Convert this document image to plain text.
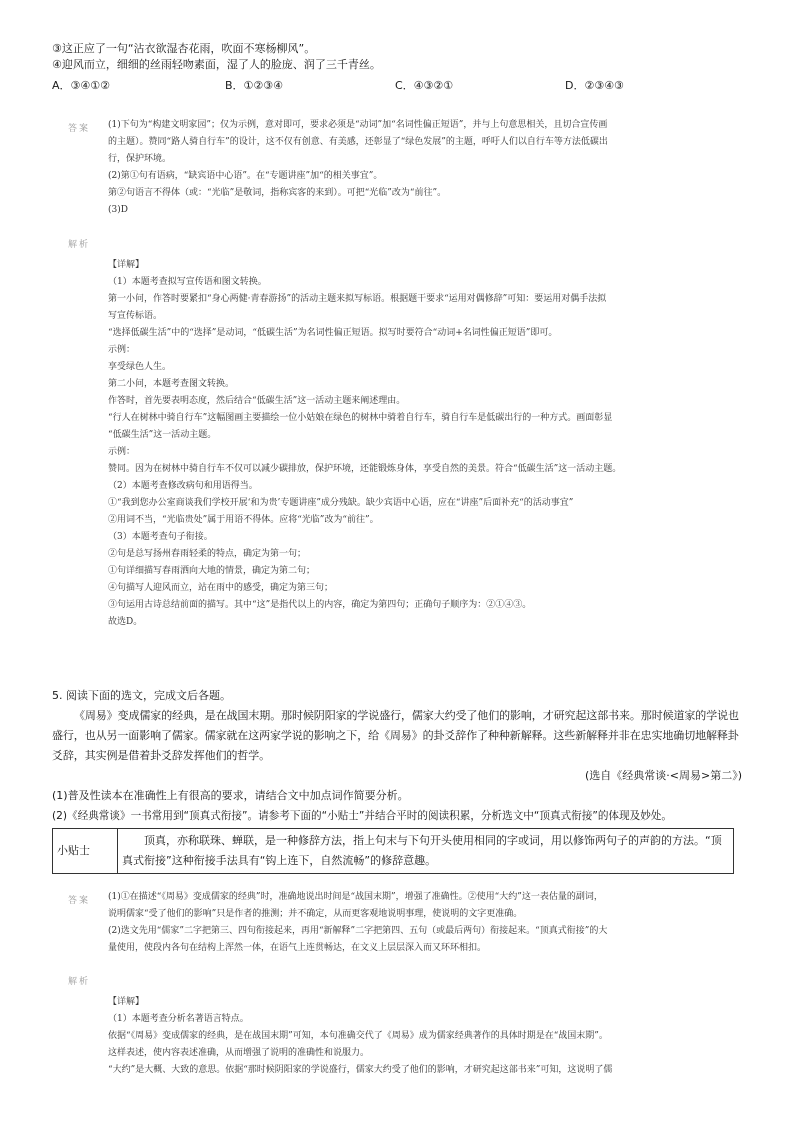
③这正应了一句“沾衣欲湿杏花雨，吹面不寒杨柳风”。

④迎风而立，细细的丝雨轻吻素面，湿了人的脸庞、润了三千青丝。

A．③④①②	B．①②③④	C．④③②①	D．②③④③
答案 (1)下句为“构建文明家园”；仅为示例，意对即可，要求必须是“动词”加“名词性偏正短语”，并与上句意思相关，且切合宣传画

的主题）。赞同“路人骑自行车”的设计，这不仅有创意、有美感，还彰显了“绿色发展”的主题，呼吁人们以自行车等方法低碳出

行，保护环境。

(2)第①句有语病，“缺宾语中心语”。在“专题讲座”加“的相关事宜”。

第②句语言不得体（或：“光临”是敬词，指称宾客的来到）。可把“光临”改为“前往”。

(3)D

解析

【详解】

（1）本题考查拟写宣传语和图文转换。

第一小问，作答时要紧扣“身心两健·青春游扬”的活动主题来拟写标语。根据题干要求“运用对偶修辞”可知：要运用对偶手法拟

写宣传标语。

“选择低碳生活”中的“选择”是动词，“低碳生活”为名词性偏正短语。拟写时要符合“动词+名词性偏正短语”即可。

示例：

享受绿色人生。

第二小问，本题考查图文转换。

作答时，首先要表明态度，然后结合“低碳生活”这一活动主题来阐述理由。

“行人在树林中骑自行车”这幅图画主要描绘一位小姑娘在绿色的树林中骑着自行车，骑自行车是低碳出行的一种方式。画面彰显

“低碳生活”这一活动主题。

示例：

赞同。因为在树林中骑自行车不仅可以减少碳排放，保护环境，还能锻炼身体，享受自然的美景。符合“低碳生活”这一活动主题。

（2）本题考查修改病句和用语得当。

①“我到您办公室商谈我们学校开展‘和为贵’专题讲座”成分残缺。缺少宾语中心语，应在“讲座”后面补充“的活动事宜”

②用词不当，“光临贵处”属于用语不得体。应将“光临”改为“前往”。

（3）本题考查句子衔接。

②句是总写扬州春雨轻柔的特点，确定为第一句；

①句详细描写春雨洒向大地的情景，确定为第二句；

④句描写人迎风而立，站在雨中的感受，确定为第三句；

③句运用古诗总结前面的描写。其中“这”是指代以上的内容，确定为第四句；正确句子顺序为：②①④③。

故选D。

5. 阅读下面的选文，完成文后各题。

《周易》变成儒家的经典，是在战国末期。那时候阴阳家的学说盛行，儒家大约受了他们的影响，才研究起这部书来。那时候道家的学说也盛行，也从另一面影响了儒家。儒家就在这两家学说的影响之下，给《周易》的卦爻辞作了种种新解释。这些新解释并非在忠实地确切地解释卦爻辞，其实例是借着卦爻辞发挥他们的哲学。

(选自《经典常谈·<周易>第二》)

(1)普及性读本在准确性上有很高的要求，请结合文中加点词作简要分析。

(2)《经典常谈》一书常用到“顶真式衔接”。请参考下面的“小贴士”并结合平时的阅读积累，分析选文中“顶真式衔接”的体现及妙处。

小贴士	顶真，亦称联珠、蝉联，是一种修辞方法，指上句末与下句开头使用相同的字或词，用以修饰两句子的声韵的方法。“顶真式衔接”这种衔接手法具有“钩上连下，自然流畅”的修辞意趣。
答案 (1)①在描述“《周易》变成儒家的经典”时，准确地说出时间是“战国末期”，增强了准确性。②使用“大约”这一表估量的副词，

说明儒家“受了他们的影响”只是作者的推测；并不确定，从而更客观地说明事理，使说明的文字更准确。

(2)选文先用“儒家”二字把第三、四句衔接起来，再用“新解释”二字把第四、五句（或最后两句）衔接起来。“顶真式衔接”的大

量使用，使段内各句在结构上浑然一体，在语气上连贯畅达，在文义上层层深入而又环环相扣。

解析

【详解】

（1）本题考查分析名著语言特点。

依据“《周易》变成儒家的经典，是在战国末期”可知，本句准确交代了《周易》成为儒家经典著作的具体时期是在“战国末期”。

这样表述，使内容表述准确，从而增强了说明的准确性和说服力。

“大约”是大概、大致的意思。依据“那时候阴阳家的学说盛行，儒家大约受了他们的影响，才研究起这部书来”可知，这说明了儒
